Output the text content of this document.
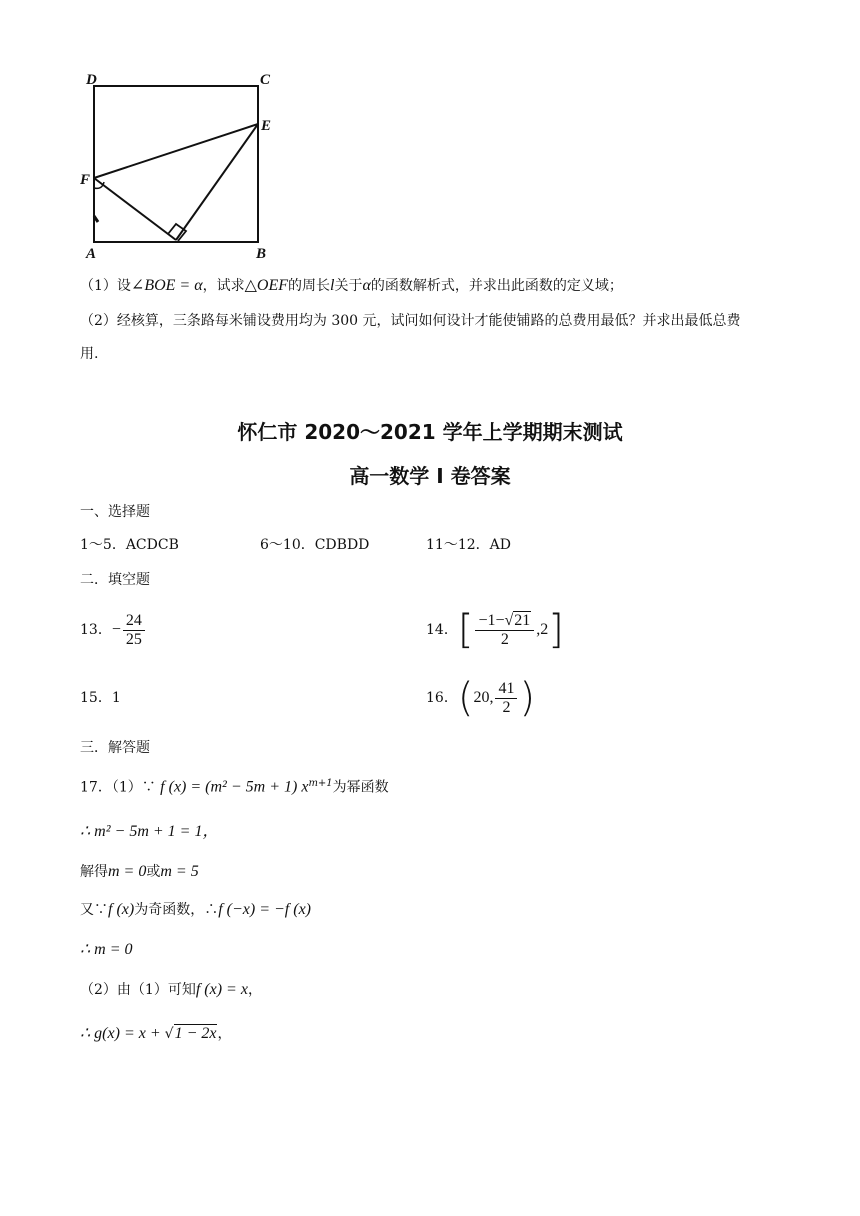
D	C
E
F
A	B
（1）设∠BOE = α，试求△OEF的周长l关于α的函数解析式，并求出此函数的定义域；
（2）经核算，三条路每米铺设费用均为 300 元，试问如何设计才能使铺路的总费用最低？并求出最低总费
用.
怀仁市 2020～2021 学年上学期期末测试
高一数学 I 卷答案
一、选择题
1～5．ACDCB	6～10．CDBDD	11～12．AD
二．填空题
13． − $\frac{24}{25}$	14． [ $\frac{-1-√21}{2} ,2$ ]
15．1	16． ( 20, $\frac{41}{2}$ )
三．解答题
17．（1）∵ f (x) = (m² − 5m + 1) $x^{m+1}$为幂函数
∴ m² − 5m + 1 = 1，
解得m = 0或m = 5
又∵f (x)为奇函数，∴f (−x) = −f (x)
∴ m = 0
（2）由（1）可知f (x) = x，
∴ g(x) = x + √1 − 2x，
